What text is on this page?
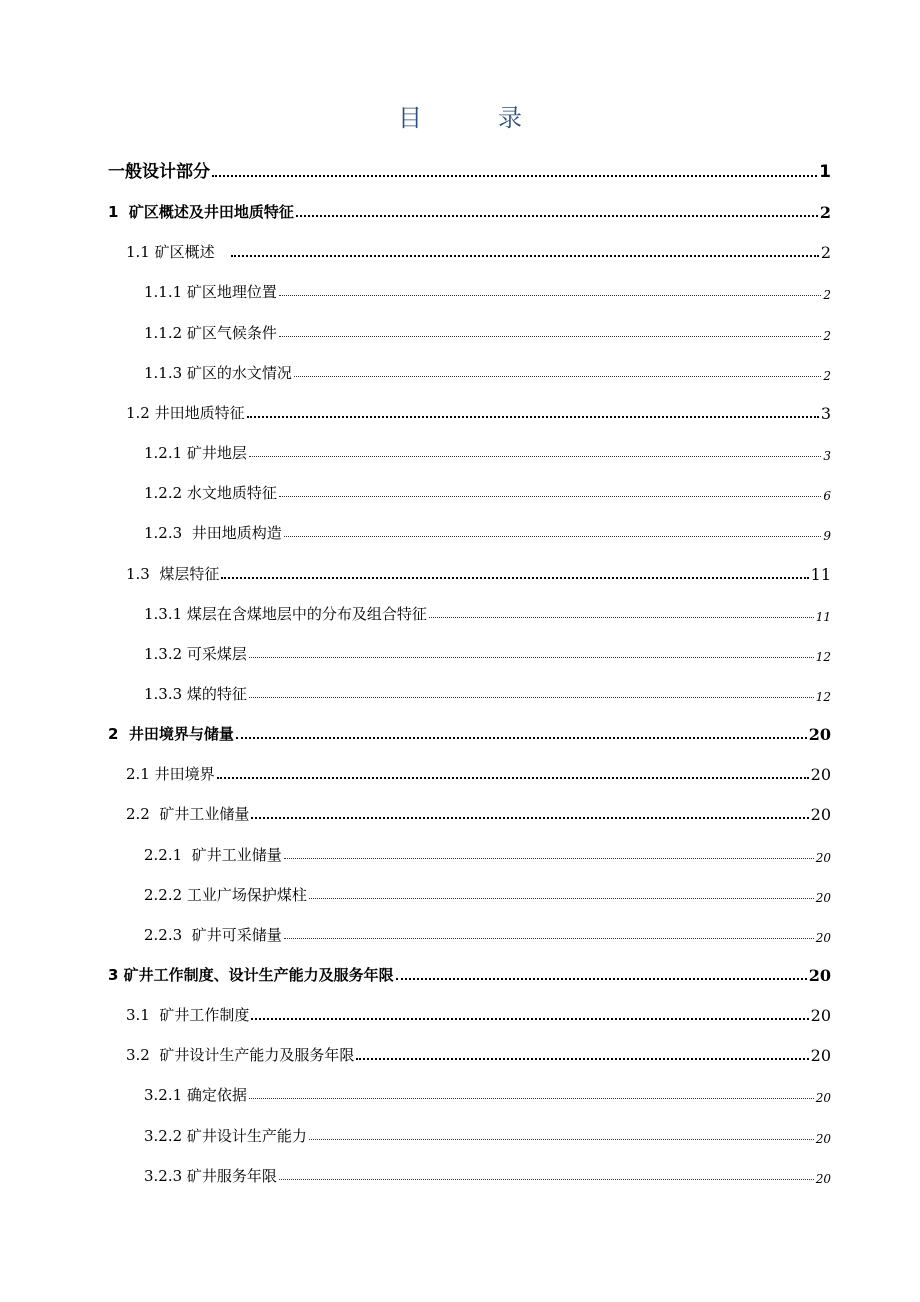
目　录
一般设计部分	1
1  矿区概述及井田地质特征	2
1.1 矿区概述	2
1.1.1 矿区地理位置	2
1.1.2 矿区气候条件	2
1.1.3 矿区的水文情况	2
1.2 井田地质特征	3
1.2.1 矿井地层	3
1.2.2 水文地质特征	6
1.2.3  井田地质构造	9
1.3  煤层特征	11
1.3.1 煤层在含煤地层中的分布及组合特征	11
1.3.2 可采煤层	12
1.3.3 煤的特征	12
2  井田境界与储量	20
2.1 井田境界	20
2.2  矿井工业储量	20
2.2.1  矿井工业储量	20
2.2.2 工业广场保护煤柱	20
2.2.3  矿井可采储量	20
3 矿井工作制度、设计生产能力及服务年限	20
3.1  矿井工作制度	20
3.2  矿井设计生产能力及服务年限	20
3.2.1 确定依据	20
3.2.2 矿井设计生产能力	20
3.2.3 矿井服务年限	20
